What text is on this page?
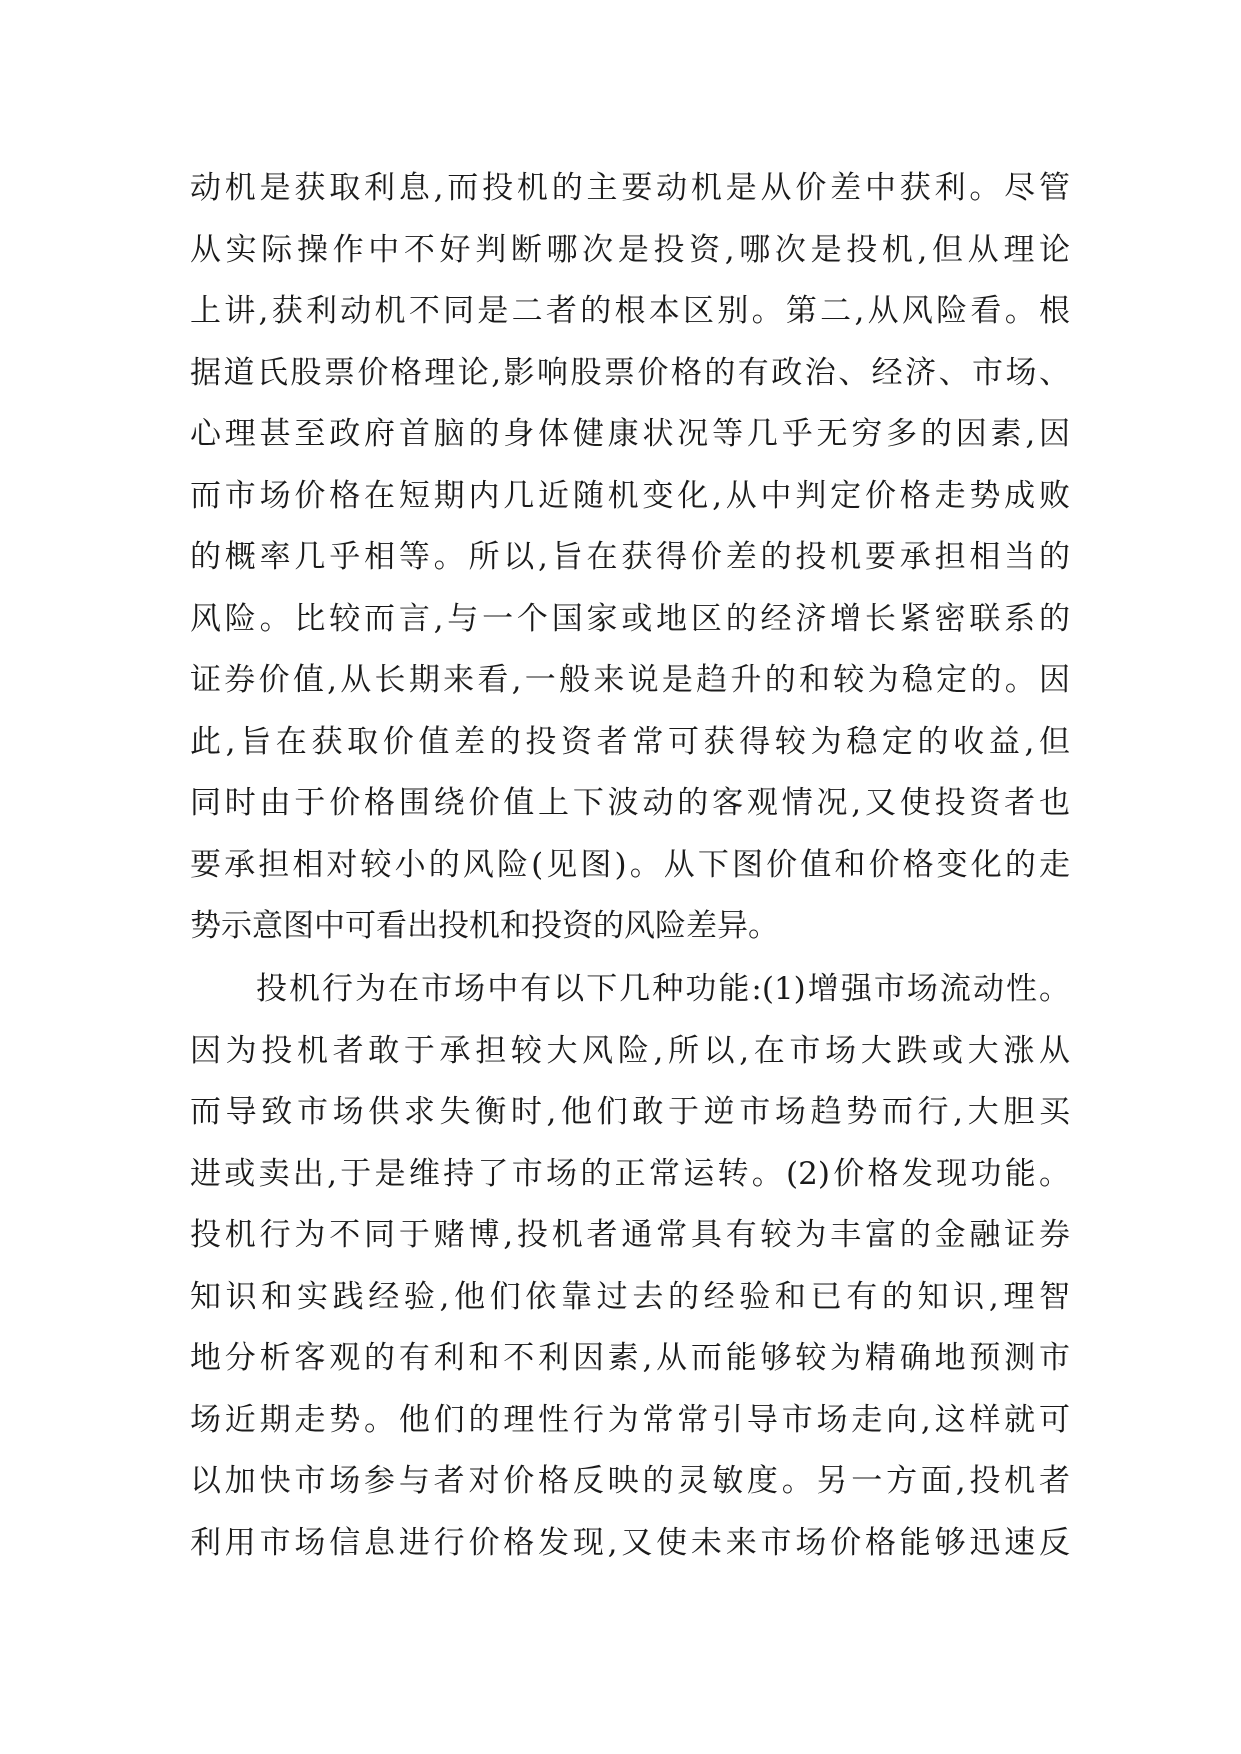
动机是获取利息,而投机的主要动机是从价差中获利。尽管
从实际操作中不好判断哪次是投资,哪次是投机,但从理论
上讲,获利动机不同是二者的根本区别。第二,从风险看。根
据道氏股票价格理论,影响股票价格的有政治、经济、市场、
心理甚至政府首脑的身体健康状况等几乎无穷多的因素,因
而市场价格在短期内几近随机变化,从中判定价格走势成败
的概率几乎相等。所以,旨在获得价差的投机要承担相当的
风险。比较而言,与一个国家或地区的经济增长紧密联系的
证券价值,从长期来看,一般来说是趋升的和较为稳定的。因
此,旨在获取价值差的投资者常可获得较为稳定的收益,但
同时由于价格围绕价值上下波动的客观情况,又使投资者也
要承担相对较小的风险(见图)。从下图价值和价格变化的走
势示意图中可看出投机和投资的风险差异。
投机行为在市场中有以下几种功能:(1)增强市场流动性。
因为投机者敢于承担较大风险,所以,在市场大跌或大涨从
而导致市场供求失衡时,他们敢于逆市场趋势而行,大胆买
进或卖出,于是维持了市场的正常运转。(2)价格发现功能。
投机行为不同于赌博,投机者通常具有较为丰富的金融证券
知识和实践经验,他们依靠过去的经验和已有的知识,理智
地分析客观的有利和不利因素,从而能够较为精确地预测市
场近期走势。他们的理性行为常常引导市场走向,这样就可
以加快市场参与者对价格反映的灵敏度。另一方面,投机者
利用市场信息进行价格发现,又使未来市场价格能够迅速反
